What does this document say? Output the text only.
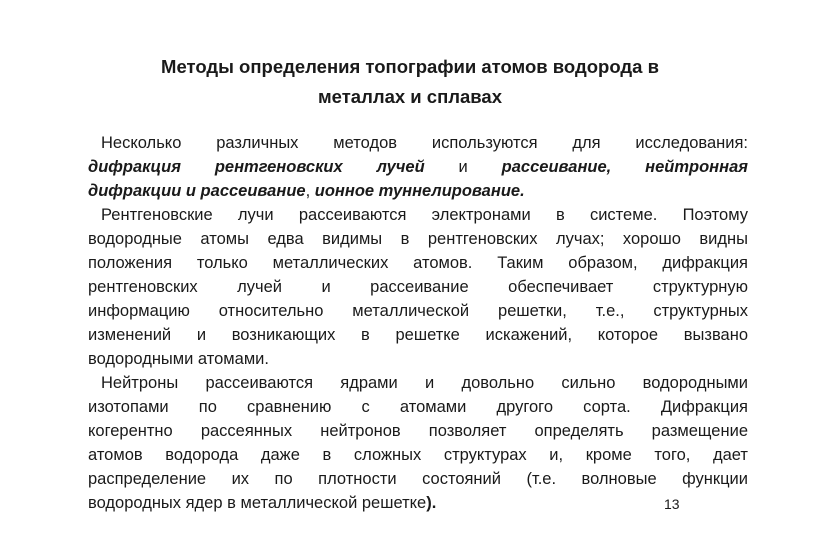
Методы определения топографии атомов водорода в
металлах и сплавах
Несколько различных методов используются для исследования:
дифракция рентгеновских лучей и рассеивание, нейтронная
дифракции и рассеивание, ионное туннелирование.
Рентгеновские лучи рассеиваются электронами в системе. Поэтому
водородные атомы едва видимы в рентгеновских лучах; хорошо видны
положения только металлических атомов. Таким образом, дифракция
рентгеновских лучей и рассеивание обеспечивает структурную
информацию относительно металлической решетки, т.е., структурных
изменений и возникающих в решетке искажений, которое вызвано
водородными атомами.
Нейтроны рассеиваются ядрами и довольно сильно водородными
изотопами по сравнению с атомами другого сорта. Дифракция
когерентно рассеянных нейтронов позволяет определять размещение
атомов водорода даже в сложных структурах и, кроме того, дает
распределение их по плотности состояний (т.е. волновые функции
водородных ядер в металлической решетке).	13
